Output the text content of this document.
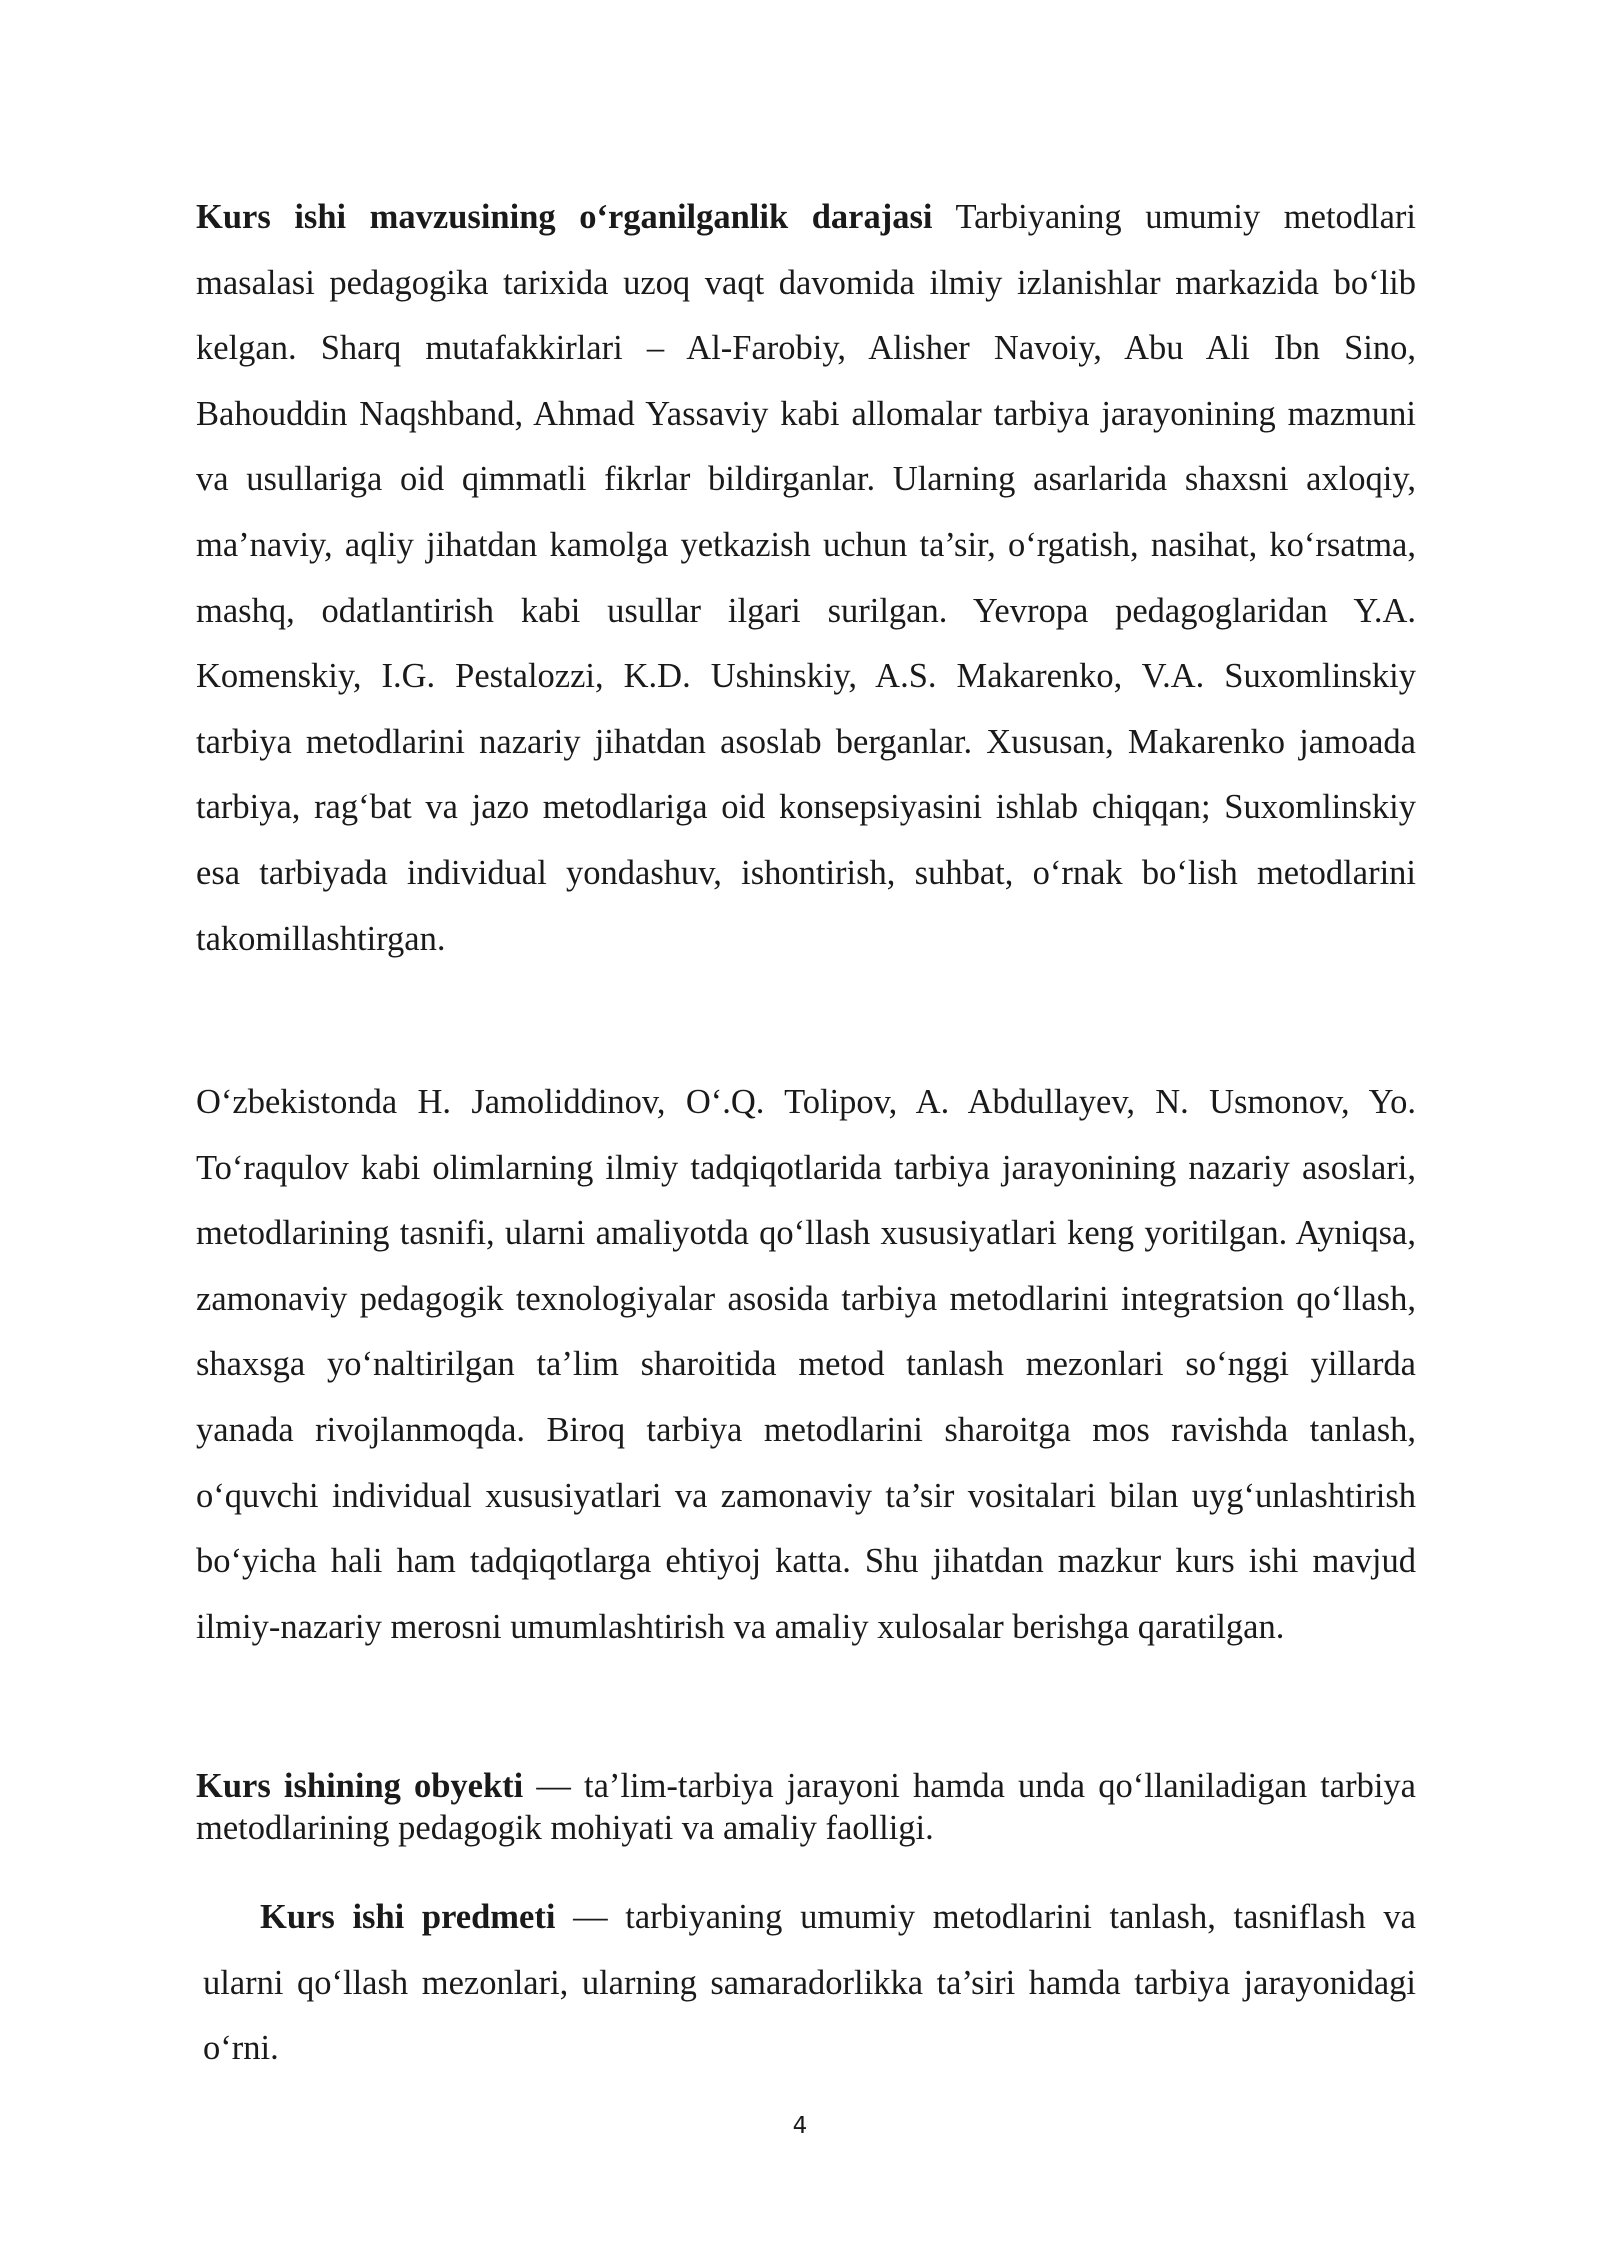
Kurs ishi mavzusining o‘rganilganlik darajasi Tarbiyaning umumiy metodlari masalasi pedagogika tarixida uzoq vaqt davomida ilmiy izlanishlar markazida bo‘lib kelgan. Sharq mutafakkirlari – Al-Farobiy, Alisher Navoiy, Abu Ali Ibn Sino, Bahouddin Naqshband, Ahmad Yassaviy kabi allomalar tarbiya jarayonining mazmuni va usullariga oid qimmatli fikrlar bildirganlar. Ularning asarlarida shaxsni axloqiy, ma’naviy, aqliy jihatdan kamolga yetkazish uchun ta’sir, o‘rgatish, nasihat, ko‘rsatma, mashq, odatlantirish kabi usullar ilgari surilgan. Yevropa pedagoglaridan Y.A. Komenskiy, I.G. Pestalozzi, K.D. Ushinskiy, A.S. Makarenko, V.A. Suxomlinskiy tarbiya metodlarini nazariy jihatdan asoslab berganlar. Xususan, Makarenko jamoada tarbiya, rag‘bat va jazo metodlariga oid konsepsiyasini ishlab chiqqan; Suxomlinskiy esa tarbiyada individual yondashuv, ishontirish, suhbat, o‘rnak bo‘lish metodlarini takomillashtirgan.

O‘zbekistonda H. Jamoliddinov, O‘.Q. Tolipov, A. Abdullayev, N. Usmonov, Yo. To‘raqulov kabi olimlarning ilmiy tadqiqotlarida tarbiya jarayonining nazariy asoslari, metodlarining tasnifi, ularni amaliyotda qo‘llash xususiyatlari keng yoritilgan. Ayniqsa, zamonaviy pedagogik texnologiyalar asosida tarbiya metodlarini integratsion qo‘llash, shaxsga yo‘naltirilgan ta’lim sharoitida metod tanlash mezonlari so‘nggi yillarda yanada rivojlanmoqda. Biroq tarbiya metodlarini sharoitga mos ravishda tanlash, o‘quvchi individual xususiyatlari va zamonaviy ta’sir vositalari bilan uyg‘unlashtirish bo‘yicha hali ham tadqiqotlarga ehtiyoj katta. Shu jihatdan mazkur kurs ishi mavjud ilmiy-nazariy merosni umumlashtirish va amaliy xulosalar berishga qaratilgan.

Kurs ishining obyekti — ta’lim-tarbiya jarayoni hamda unda qo‘llaniladigan tarbiya metodlarining pedagogik mohiyati va amaliy faolligi.

Kurs ishi predmeti — tarbiyaning umumiy metodlarini tanlash, tasniflash va ularni qo‘llash mezonlari, ularning samaradorlikka ta’siri hamda tarbiya jarayonidagi o‘rni.

4
